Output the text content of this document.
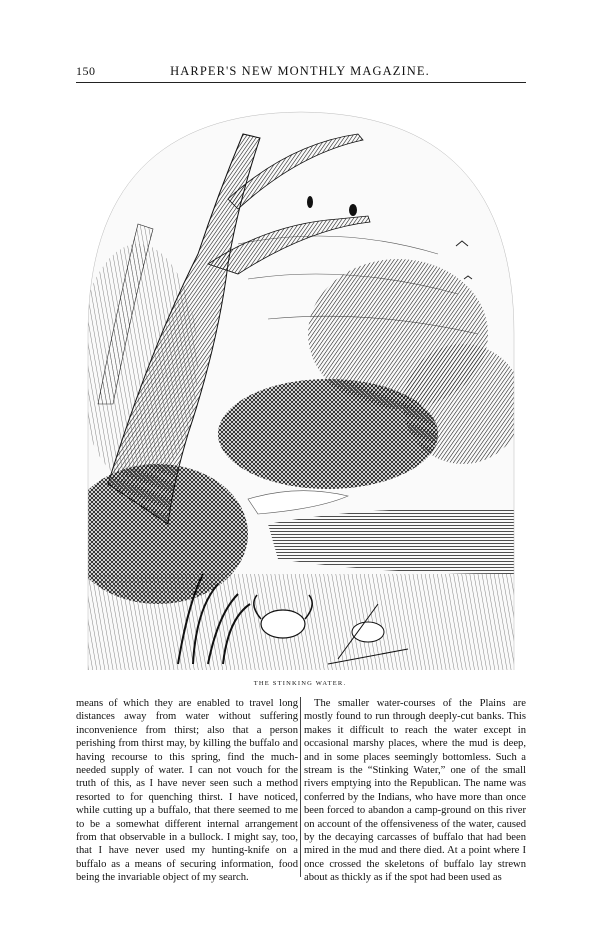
150	HARPER'S NEW MONTHLY MAGAZINE.
THE STINKING WATER.

means of which they are enabled to travel long distances away from water without suffering inconvenience from thirst; also that a person perishing from thirst may, by killing the buffalo and having recourse to this spring, find the much-needed supply of water. I can not vouch for the truth of this, as I have never seen such a method resorted to for quenching thirst. I have noticed, while cutting up a buffalo, that there seemed to me to be a somewhat different internal arrangement from that observable in a bullock. I might say, too, that I have never used my hunting-knife on a buffalo as a means of securing information, food being the invariable object of my search.

The smaller water-courses of the Plains are mostly found to run through deeply-cut banks. This makes it difficult to reach the water except in occasional marshy places, where the mud is deep, and in some places seemingly bottomless. Such a stream is the “Stinking Water,” one of the small rivers emptying into the Republican. The name was conferred by the Indians, who have more than once been forced to abandon a camp-ground on this river on account of the offensiveness of the water, caused by the decaying carcasses of buffalo that had been mired in the mud and there died. At a point where I once crossed the skeletons of buffalo lay strewn about as thickly as if the spot had been used as
